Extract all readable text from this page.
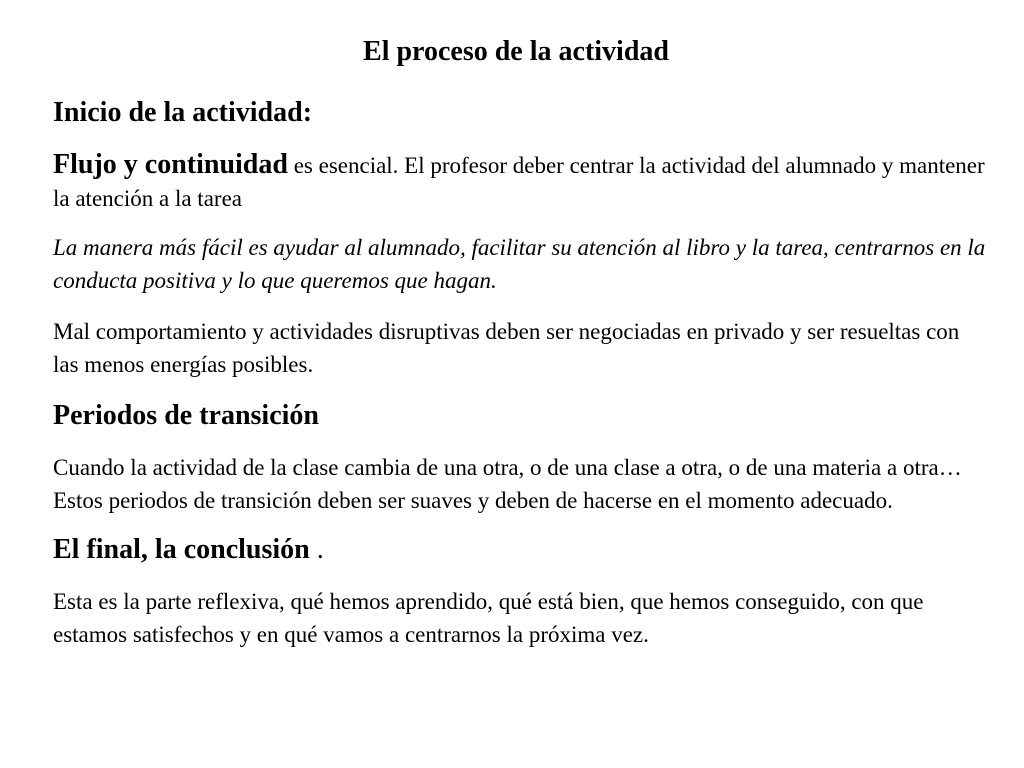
El proceso de la actividad
Inicio de la actividad:

Flujo y continuidad es esencial. El profesor deber centrar la actividad del alumnado y mantener la atención a la tarea

La manera más fácil es ayudar al alumnado, facilitar su atención al libro y la tarea, centrarnos en la conducta positiva y lo que queremos que hagan.

Mal comportamiento y actividades disruptivas deben ser negociadas en privado y ser resueltas con las menos energías posibles.

Periodos de transición

Cuando la actividad de la clase cambia de una otra, o de una clase a otra, o de una materia a otra… Estos periodos de transición deben ser suaves y deben de hacerse en el momento adecuado.

El final, la conclusión .

Esta es la parte reflexiva, qué hemos aprendido, qué está bien, que hemos conseguido, con que estamos satisfechos y en qué vamos a centrarnos la próxima vez.
